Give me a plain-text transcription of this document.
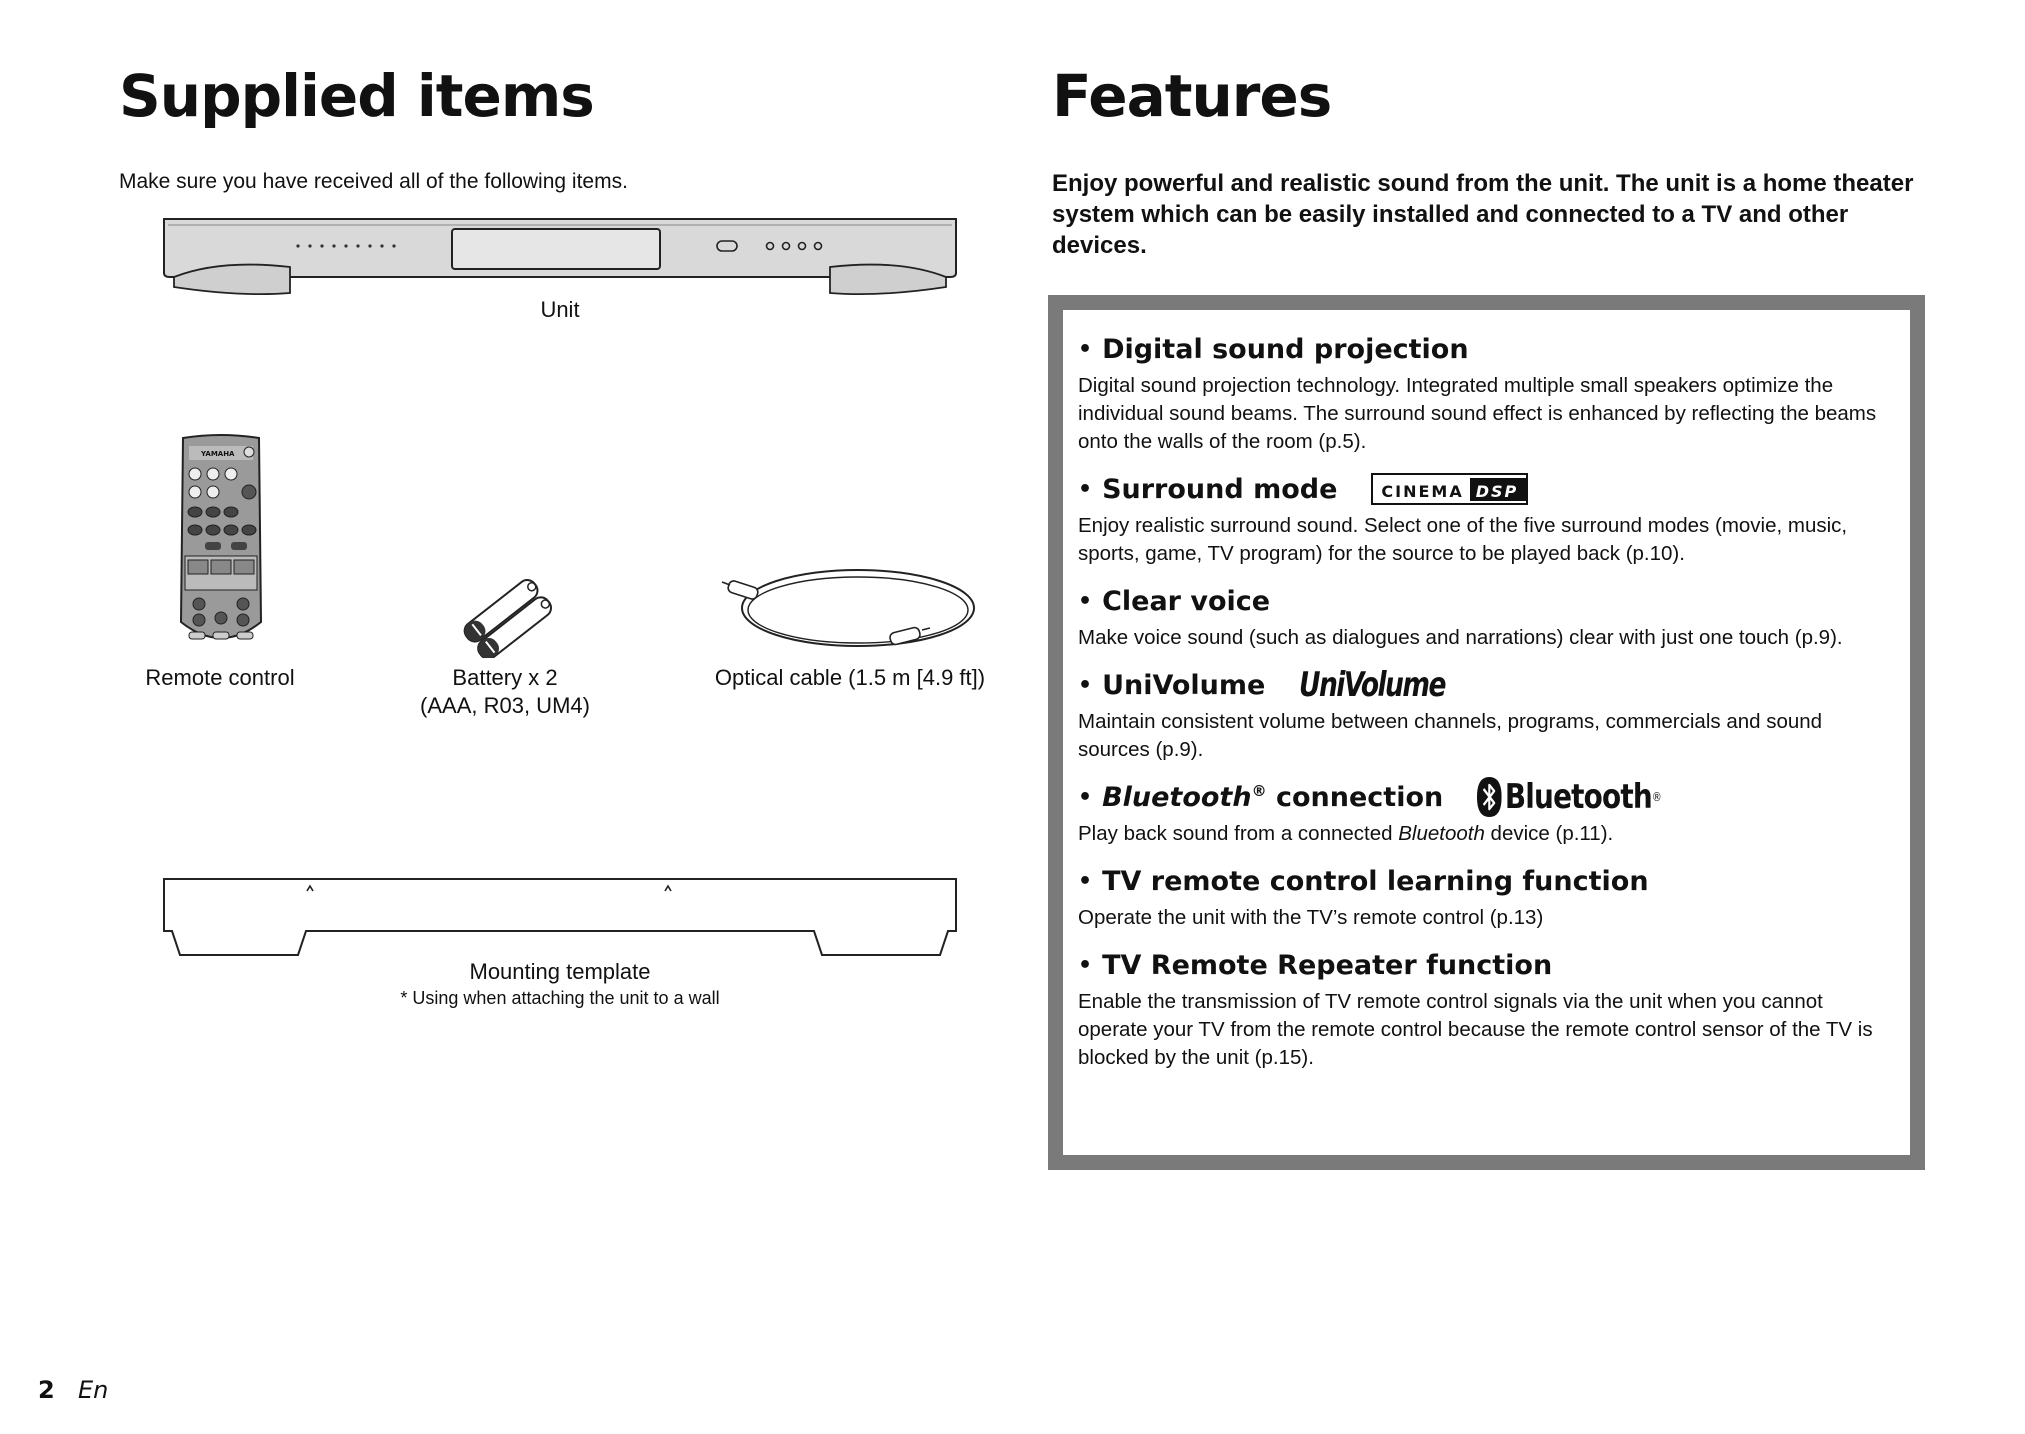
Supplied items

Make sure you have received all of the following items.

Unit
YAMAHA
Remote control	Battery x 2
(AAA, R03, UM4)
Optical cable (1.5 m [4.9 ft])
Mounting template
* Using when attaching the unit to a wall
Features

Enjoy powerful and realistic sound from the unit. The unit is a home theater system which can be easily installed and connected to a TV and other devices.

• Digital sound projection
Digital sound projection technology. Integrated multiple small speakers optimize the individual sound beams. The surround sound effect is enhanced by reflecting the beams onto the walls of the room (p.5).
• Surround mode	CINEMA DSP
Enjoy realistic surround sound. Select one of the five surround modes (movie, music, sports, game, TV program) for the source to be played back (p.10).
• Clear voice
Make voice sound (such as dialogues and narrations) clear with just one touch (p.9).
• UniVolume UniVolume
Maintain consistent volume between channels, programs, commercials and sound sources (p.9).
• Bluetooth® connection Bluetooth ®
Play back sound from a connected Bluetooth device (p.11).
• TV remote control learning function
Operate the unit with the TV’s remote control (p.13)
• TV Remote Repeater function
Enable the transmission of TV remote control signals via the unit when you cannot operate your TV from the remote control because the remote control sensor of the TV is blocked by the unit (p.15).
2 En
